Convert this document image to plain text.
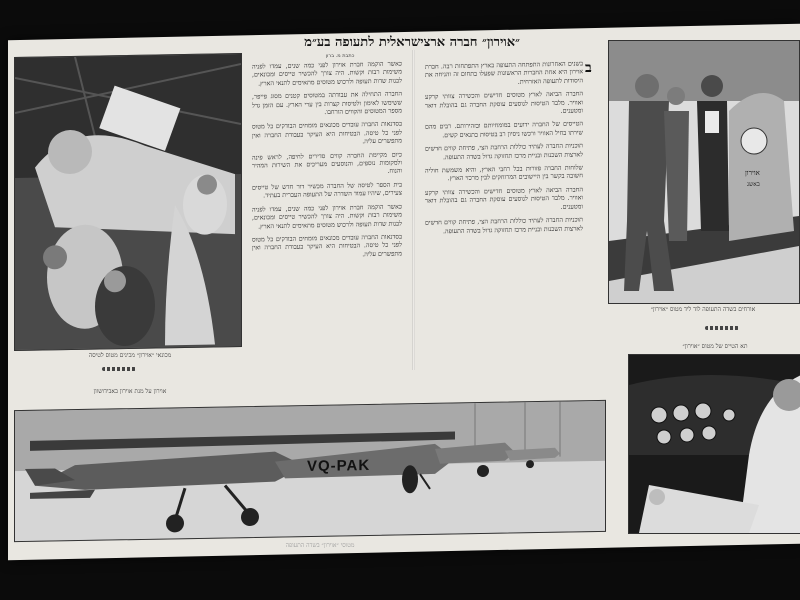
מכונאי ״אוירון״ מכינים מטוס לטיסה
אוירון על מנת אוירון באבידושוון
״אוירון״ חברה ארצישראלית לתעופה בע״מ
כתבת מ. ברון
ב

כאשר הוקמה חברת אוירון לפני כמה שנים, עמדו לפניה משימות רבות וקשות. היה צורך להכשיר טייסים ומכונאים, לבנות שדות תעופה ולרכוש מטוסים מתאימים לתנאי הארץ.

החברה התחילה את עבודתה במטוסים קטנים מסוג פייפר, ששימשו לאימון ולטיסות קצרות בין ערי הארץ. עם הזמן גדל מספר המטוסים והקווים הורחבו.

בסדנאות החברה עובדים מכונאים מומחים הבודקים כל מטוס לפני כל טיסה. הבטיחות היא העיקר בעבודת החברה ואין מתפשרים עליה.

כיום מקיימת החברה קווים סדירים לחיפה, לראש פינה ולמקומות נוספים, והנוסעים מעריכים את השירות המהיר והנוח.

בית הספר לטיסה של החברה מכשיר דור חדש של טייסים צעירים, שיהיו עמוד השדרה של התעופה העברית בעתיד.

כאשר הוקמה חברת אוירון לפני כמה שנים, עמדו לפניה משימות רבות וקשות. היה צורך להכשיר טייסים ומכונאים, לבנות שדות תעופה ולרכוש מטוסים מתאימים לתנאי הארץ.

בסדנאות החברה עובדים מכונאים מומחים הבודקים כל מטוס לפני כל טיסה. הבטיחות היא העיקר בעבודת החברה ואין מתפשרים עליה.

בשנים האחרונות התפתחה התעופה בארץ התפתחות רבה. חברת אוירון היא אחת החברות הראשונות שפעלו בתחום זה והניחה את היסודות לתעופה האזרחית.

החברה הביאה לארץ מטוסים חדישים והכשירה צוותי קרקע ואוויר. מלבד הטיסות לנוסעים עוסקת החברה גם בהובלת דואר ומטענים.

הטייסים של החברה ידועים במומחיותם ובזהירותם. רבים מהם שירתו בחיל האוויר ורכשו ניסיון רב בטיסות בתנאים קשים.

תוכניות החברה לעתיד כוללות הרחבת הצי, פתיחת קווים חדשים לארצות השכנות ובניית מרכז תחזוקה גדול בשדה התעופה.

שלוחות החברה פזורות בכל רחבי הארץ, והיא משמשת חוליה חשובה בקשר בין היישובים המרוחקים לבין מרכזי הארץ.

החברה הביאה לארץ מטוסים חדישים והכשירה צוותי קרקע ואוויר. מלבד הטיסות לנוסעים עוסקת החברה גם בהובלת דואר ומטענים.

תוכניות החברה לעתיד כוללות הרחבת הצי, פתיחת קווים חדשים לארצות השכנות ובניית מרכז תחזוקה גדול בשדה התעופה.

אוירון
באשג
אורחים בשדה התעופה לוד ליד מטוס ״אוירון״
תא הטייס של מטוס ״אוירון״
VQ-PAK
מטוסי ״אוירון״ בשדה התעופה
